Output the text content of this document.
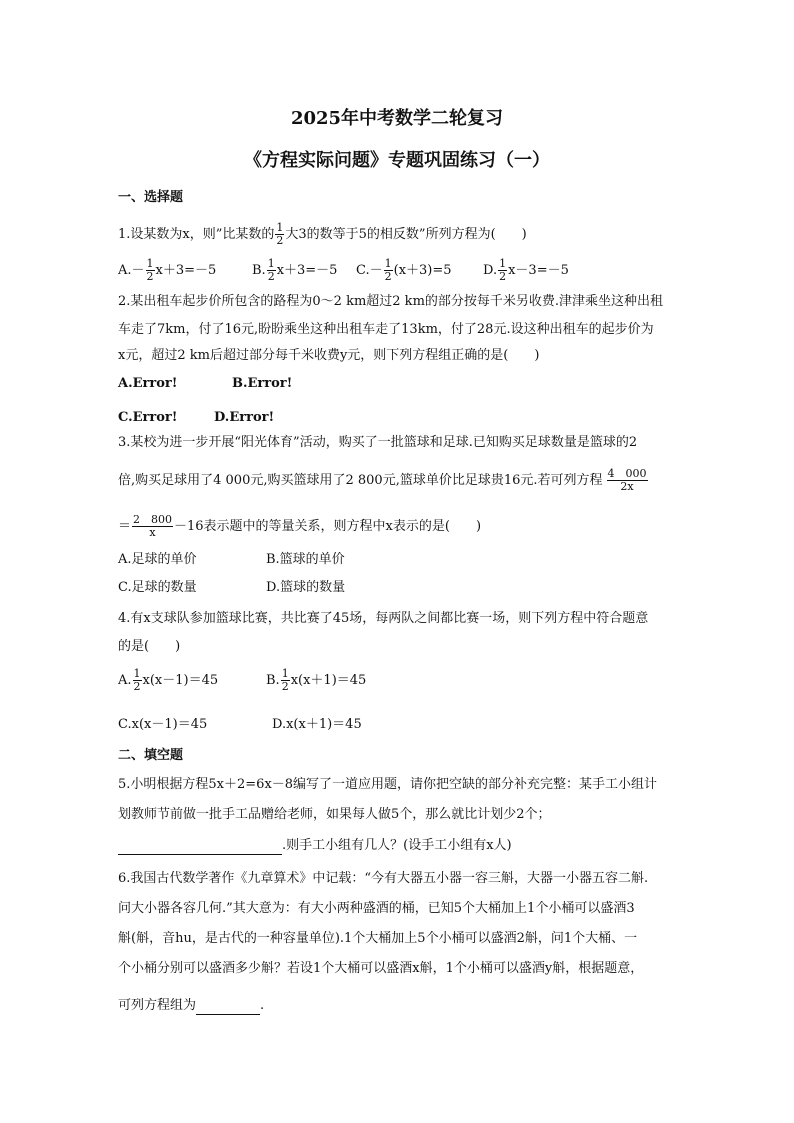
2025年中考数学二轮复习
《方程实际问题》专题巩固练习（一）
一、选择题
1.设某数为x，则”比某数的 $\frac{1}{2}$ 大3的数等于5的相反数”所列方程为(　　)
$A.- \frac{1}{2} x+3=-5$	B. $\frac{1}{2} x+3=-5$ $C.- \frac{1}{2} (x+3)=5$ D. $\frac{1}{2} x-3=-5$
2.某出租车起步价所包含的路程为0～2 km超过2 km的部分按每千米另收费.津津乘坐这种出租
车走了7km，付了16元,盼盼乘坐这种出租车走了13km，付了28元.设这种出租车的起步价为
x元，超过2 km后超过部分每千米收费y元，则下列方程组正确的是(　　)
A.Error!	B.Error!
C.Error!	D.Error!
3.某校为进一步开展“阳光体育”活动，购买了一批篮球和足球.已知购买足球数量是篮球的2
倍,购买足球用了4 000元,购买篮球用了2 800元,篮球单价比足球贵16元.若可列方程 $\frac{4 000}{2x}$
＝ $\frac{2 800}{x} -16$表示题中的等量关系，则方程中x表示的是(　　)
A.足球的单价	B.篮球的单价
C.足球的数量	D.篮球的数量
4.有x支球队参加篮球比赛，共比赛了45场，每两队之间都比赛一场，则下列方程中符合题意
的是(　　)
A. $\frac{1}{2} x(x-1)=45$	B. $\frac{1}{2} x(x+1)=45$
C.x(x－1)＝45	D.x(x＋1)＝45
二、填空题
5.小明根据方程5x＋2=6x－8编写了一道应用题，请你把空缺的部分补充完整：某手工小组计
划教师节前做一批手工品赠给老师，如果每人做5个，那么就比计划少2个；
.则手工小组有几人？(设手工小组有x人)
6.我国古代数学著作《九章算术》中记载：“今有大器五小器一容三斛，大器一小器五容二斛.
问大小器各容几何.”其大意为：有大小两种盛酒的桶，已知5个大桶加上1个小桶可以盛酒3
斛(斛，音hu，是古代的一种容量单位).1个大桶加上5个小桶可以盛酒2斛，问1个大桶、一
个小桶分别可以盛酒多少斛？若设1个大桶可以盛酒x斛，1个小桶可以盛酒y斛，根据题意，
可列方程组为	.
